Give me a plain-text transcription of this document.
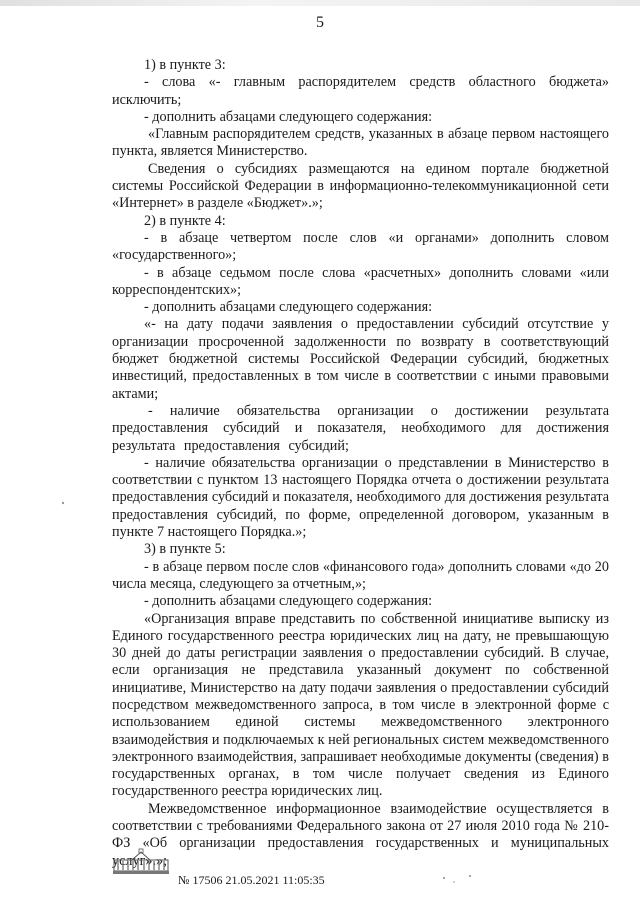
5

1) в пункте 3:

- слова «- главным распорядителем средств областного бюджета» исключить;

- дополнить абзацами следующего содержания:

«Главным распорядителем средств, указанных в абзаце первом настоящего пункта, является Министерство.

Сведения о субсидиях размещаются на едином портале бюджетной системы Российской Федерации в информационно-телекоммуникационной сети «Интернет» в разделе «Бюджет».»;

2) в пункте 4:

- в абзаце четвертом после слов «и органами» дополнить словом «государственного»;

- в абзаце седьмом после слова «расчетных» дополнить словами «или корреспондентских»;

- дополнить абзацами следующего содержания:

«- на дату подачи заявления о предоставлении субсидий отсутствие у организации просроченной задолженности по возврату в соответствующий бюджет бюджетной системы Российской Федерации субсидий, бюджетных инвестиций, предоставленных в том числе в соответствии с иными правовыми актами;

- наличие обязательства организации о достижении результата предоставления субсидий и показателя, необходимого для достижения результата предоставления субсидий;

- наличие обязательства организации о представлении в Министерство в соответствии с пунктом 13 настоящего Порядка отчета о достижении результата предоставления субсидий и показателя, необходимого для достижения результата предоставления субсидий, по форме, определенной договором, указанным в пункте 7 настоящего Порядка.»;

3) в пункте 5:

- в абзаце первом после слов «финансового года» дополнить словами «до 20 числа месяца, следующего за отчетным,»;

- дополнить абзацами следующего содержания:

«Организация вправе представить по собственной инициативе выписку из Единого государственного реестра юридических лиц на дату, не превышающую 30 дней до даты регистрации заявления о предоставлении субсидий. В случае, если организация не представила указанный документ по собственной инициативе, Министерство на дату подачи заявления о предоставлении субсидий посредством межведомственного запроса, в том числе в электронной форме с использованием единой системы межведомственного электронного взаимодействия и подключаемых к ней региональных систем межведомственного электронного взаимодействия, запрашивает необходимые документы (сведения) в государственных органах, в том числе получает сведения из Единого государственного реестра юридических лиц.

Межведомственное информационное взаимодействие осуществляется в соответствии с требованиями Федерального закона от 27 июля 2010 года № 210-ФЗ «Об организации предоставления государственных и муниципальных услуг».»;

№ 17506 21.05.2021 11:05:35
